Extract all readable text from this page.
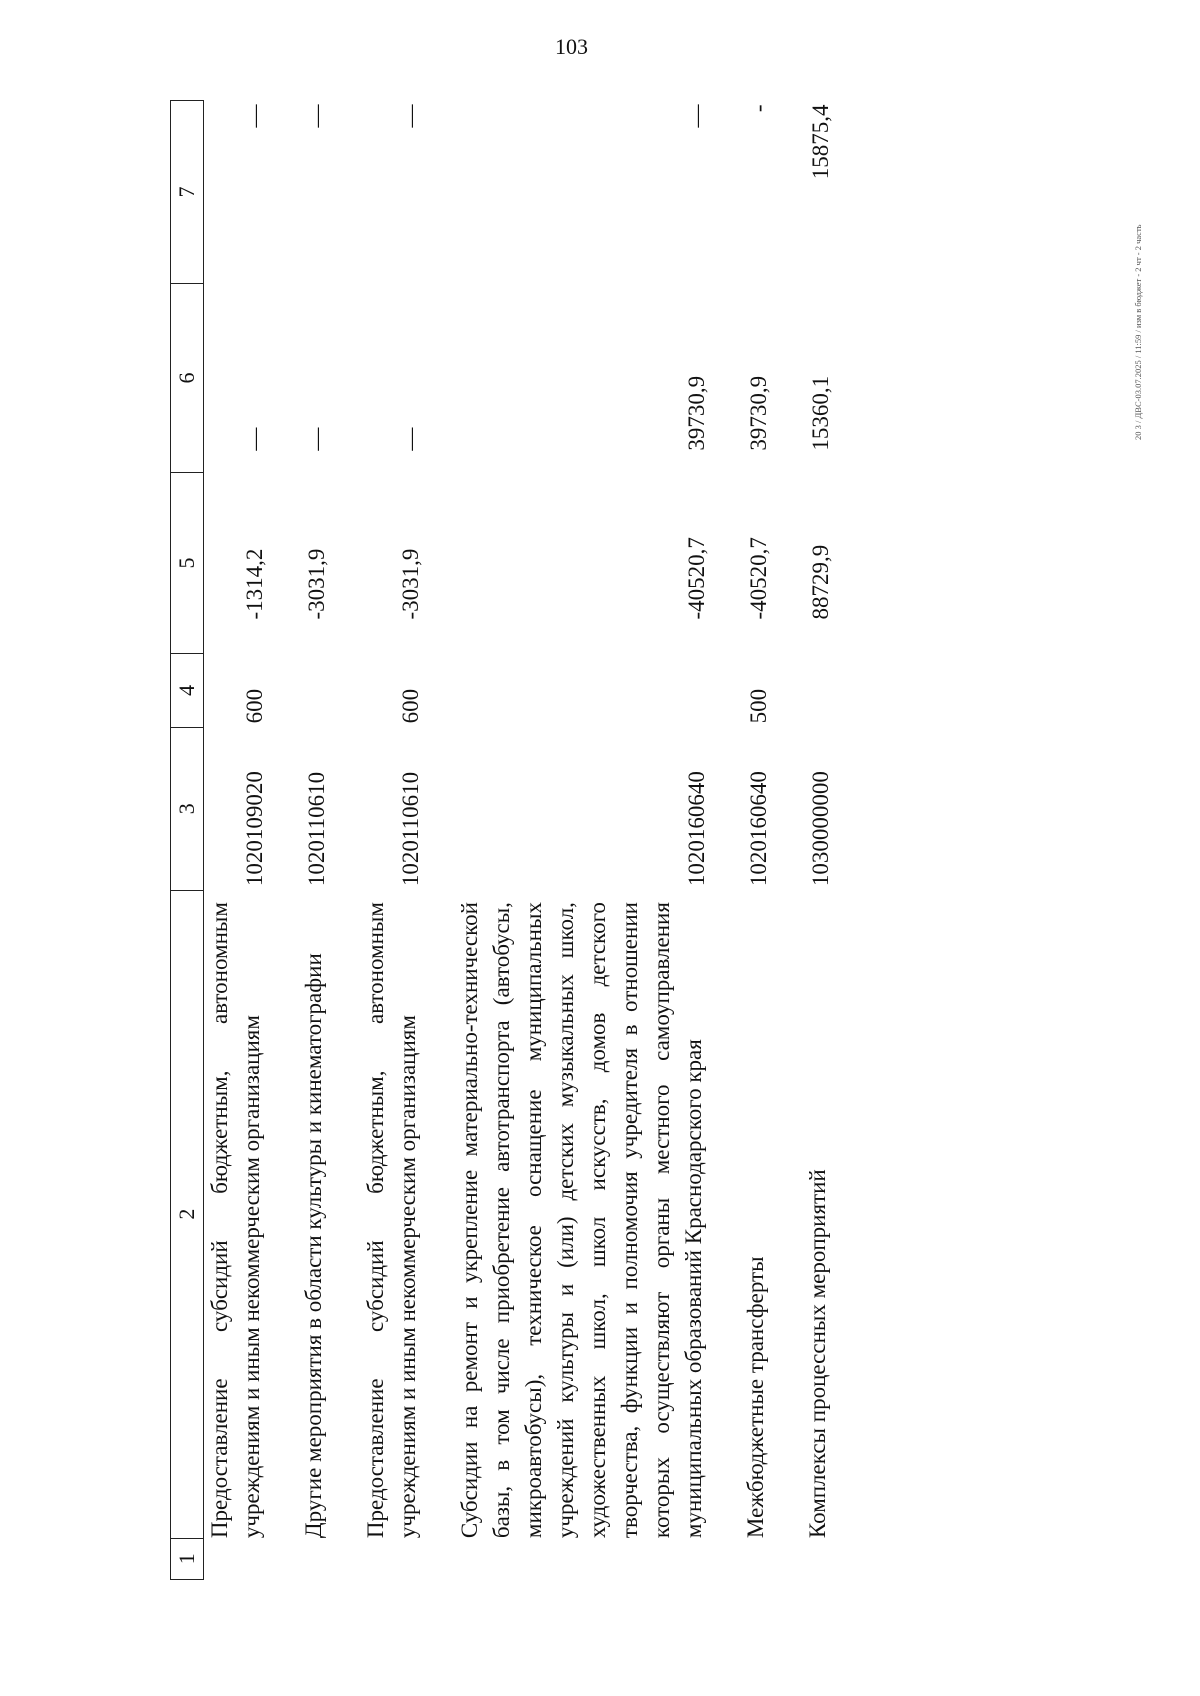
103
20 3 / ДВС-03.07.2025 / 11:59 / изм в бюджет - 2 чт - 2 часть
1	2	3	4	5	6	7
	Предоставление субсидий бюджетным, автономным учреждениям и иным некоммерческим организациям	1020109020	600	-1314,2	—	—

	Другие мероприятия в области культуры и кинематографии	1020110610		-3031,9	—	—

	Предоставление субсидий бюджетным, автономным учреждениям и иным некоммерческим организациям	1020110610	600	-3031,9	—	—

	Субсидии на ремонт и укрепление материально-технической базы, в том числе приобретение автотранспорта (автобусы, микроавтобусы), техническое оснащение муниципальных учреждений культуры и (или) детских музыкальных школ, художественных школ, школ искусств, домов детского творчества, функции и полномочия учредителя в отношении которых осуществляют органы местного самоуправления муниципальных образований Краснодарского края	1020160640		-40520,7	39730,9	—

	Межбюджетные трансферты	1020160640	500	-40520,7	39730,9	-

	Комплексы процессных мероприятий	1030000000		88729,9	15360,1	15875,4
